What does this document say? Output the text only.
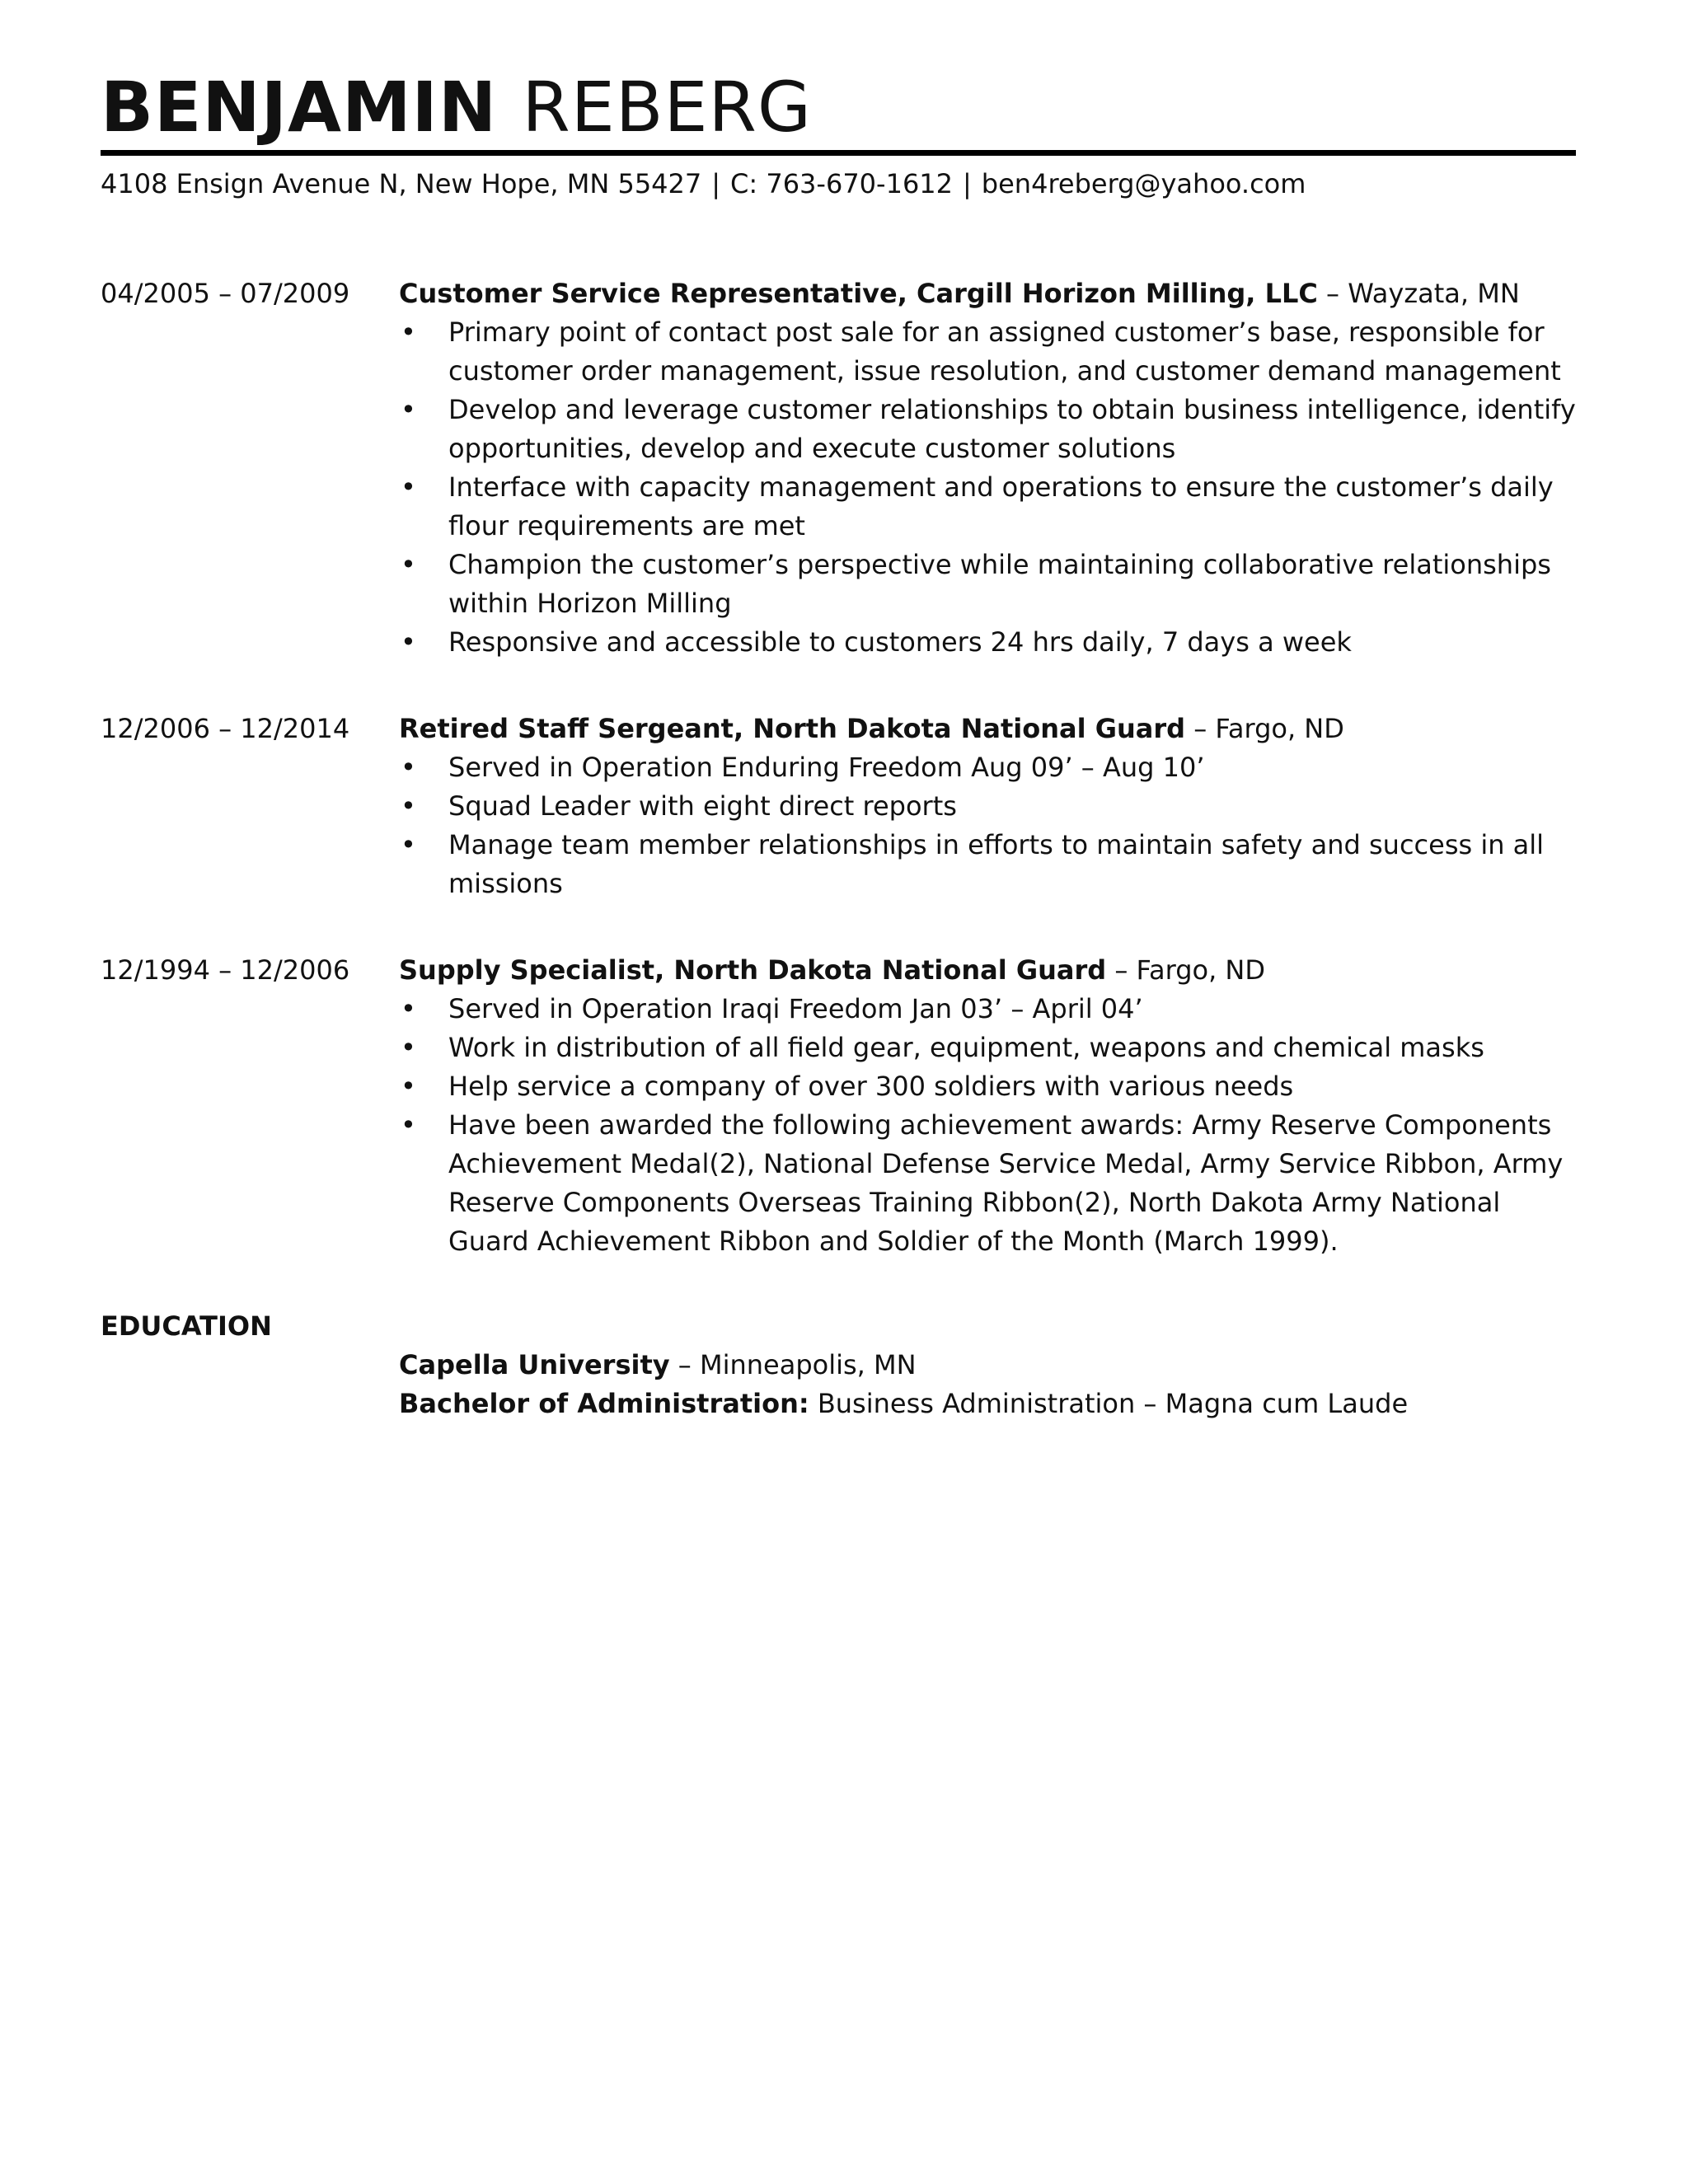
BENJAMIN REBERG
4108 Ensign Avenue N, New Hope, MN 55427 | C: 763-670-1612 | ben4reberg@yahoo.com
04/2005 – 07/2009	Customer Service Representative, Cargill Horizon Milling, LLC – Wayzata, MN
• Primary point of contact post sale for an assigned customer’s base, responsible for customer order management, issue resolution, and customer demand management
• Develop and leverage customer relationships to obtain business intelligence, identify opportunities, develop and execute customer solutions
• Interface with capacity management and operations to ensure the customer’s daily flour requirements are met
• Champion the customer’s perspective while maintaining collaborative relationships within Horizon Milling
• Responsive and accessible to customers 24 hrs daily, 7 days a week
12/2006 – 12/2014	Retired Staff Sergeant, North Dakota National Guard – Fargo, ND
• Served in Operation Enduring Freedom Aug 09’ – Aug 10’
• Squad Leader with eight direct reports
• Manage team member relationships in efforts to maintain safety and success in all missions
12/1994 – 12/2006	Supply Specialist, North Dakota National Guard – Fargo, ND
• Served in Operation Iraqi Freedom Jan 03’ – April 04’
• Work in distribution of all field gear, equipment, weapons and chemical masks
• Help service a company of over 300 soldiers with various needs
• Have been awarded the following achievement awards: Army Reserve Components Achievement Medal(2), National Defense Service Medal, Army Service Ribbon, Army Reserve Components Overseas Training Ribbon(2), North Dakota Army National Guard Achievement Ribbon and Soldier of the Month (March 1999).
EDUCATION
Capella University – Minneapolis, MN
Bachelor of Administration: Business Administration – Magna cum Laude
